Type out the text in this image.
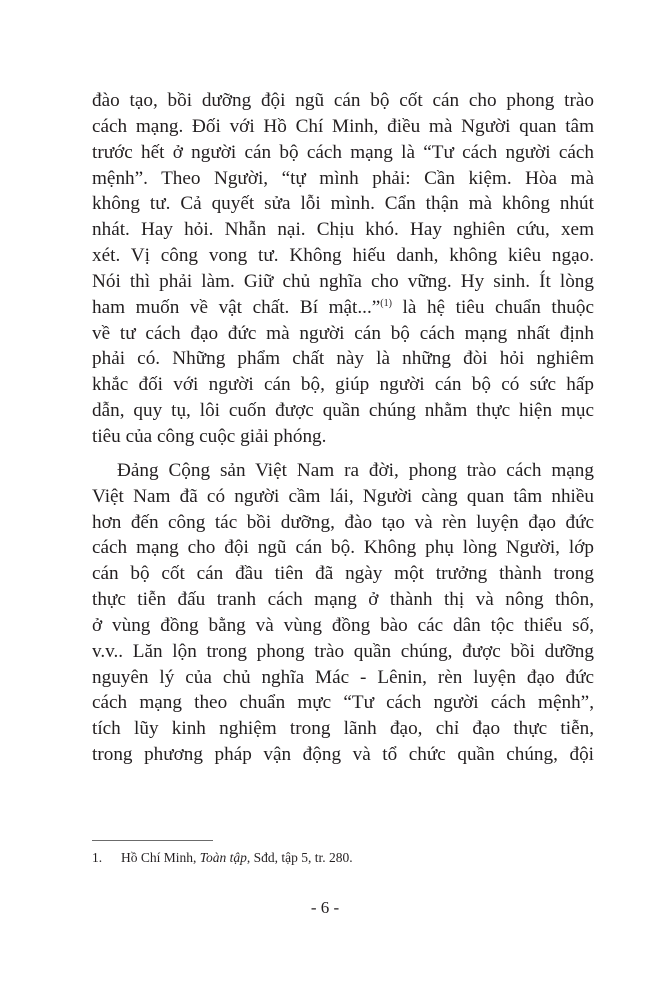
đào tạo, bồi dưỡng đội ngũ cán bộ cốt cán cho phong trào
cách mạng. Đối với Hồ Chí Minh, điều mà Người quan tâm
trước hết ở người cán bộ cách mạng là “Tư cách người cách
mệnh”. Theo Người, “tự mình phải: Cần kiệm. Hòa mà
không tư. Cả quyết sửa lỗi mình. Cẩn thận mà không nhút
nhát. Hay hỏi. Nhẫn nại. Chịu khó. Hay nghiên cứu, xem
xét. Vị công vong tư. Không hiếu danh, không kiêu ngạo.
Nói thì phải làm. Giữ chủ nghĩa cho vững. Hy sinh. Ít lòng
ham muốn về vật chất. Bí mật...”$^{(1)}$ là hệ tiêu chuẩn thuộc
về tư cách đạo đức mà người cán bộ cách mạng nhất định
phải có. Những phẩm chất này là những đòi hỏi nghiêm
khắc đối với người cán bộ, giúp người cán bộ có sức hấp
dẫn, quy tụ, lôi cuốn được quần chúng nhằm thực hiện mục
tiêu của công cuộc giải phóng.
Đảng Cộng sản Việt Nam ra đời, phong trào cách mạng
Việt Nam đã có người cầm lái, Người càng quan tâm nhiều
hơn đến công tác bồi dưỡng, đào tạo và rèn luyện đạo đức
cách mạng cho đội ngũ cán bộ. Không phụ lòng Người, lớp
cán bộ cốt cán đầu tiên đã ngày một trưởng thành trong
thực tiễn đấu tranh cách mạng ở thành thị và nông thôn,
ở vùng đồng bằng và vùng đồng bào các dân tộc thiểu số,
v.v.. Lăn lộn trong phong trào quần chúng, được bồi dưỡng
nguyên lý của chủ nghĩa Mác - Lênin, rèn luyện đạo đức
cách mạng theo chuẩn mực “Tư cách người cách mệnh”,
tích lũy kinh nghiệm trong lãnh đạo, chỉ đạo thực tiễn,
trong phương pháp vận động và tổ chức quần chúng, đội
1. Hồ Chí Minh, Toàn tập, Sđd, tập 5, tr. 280.
- 6 -
